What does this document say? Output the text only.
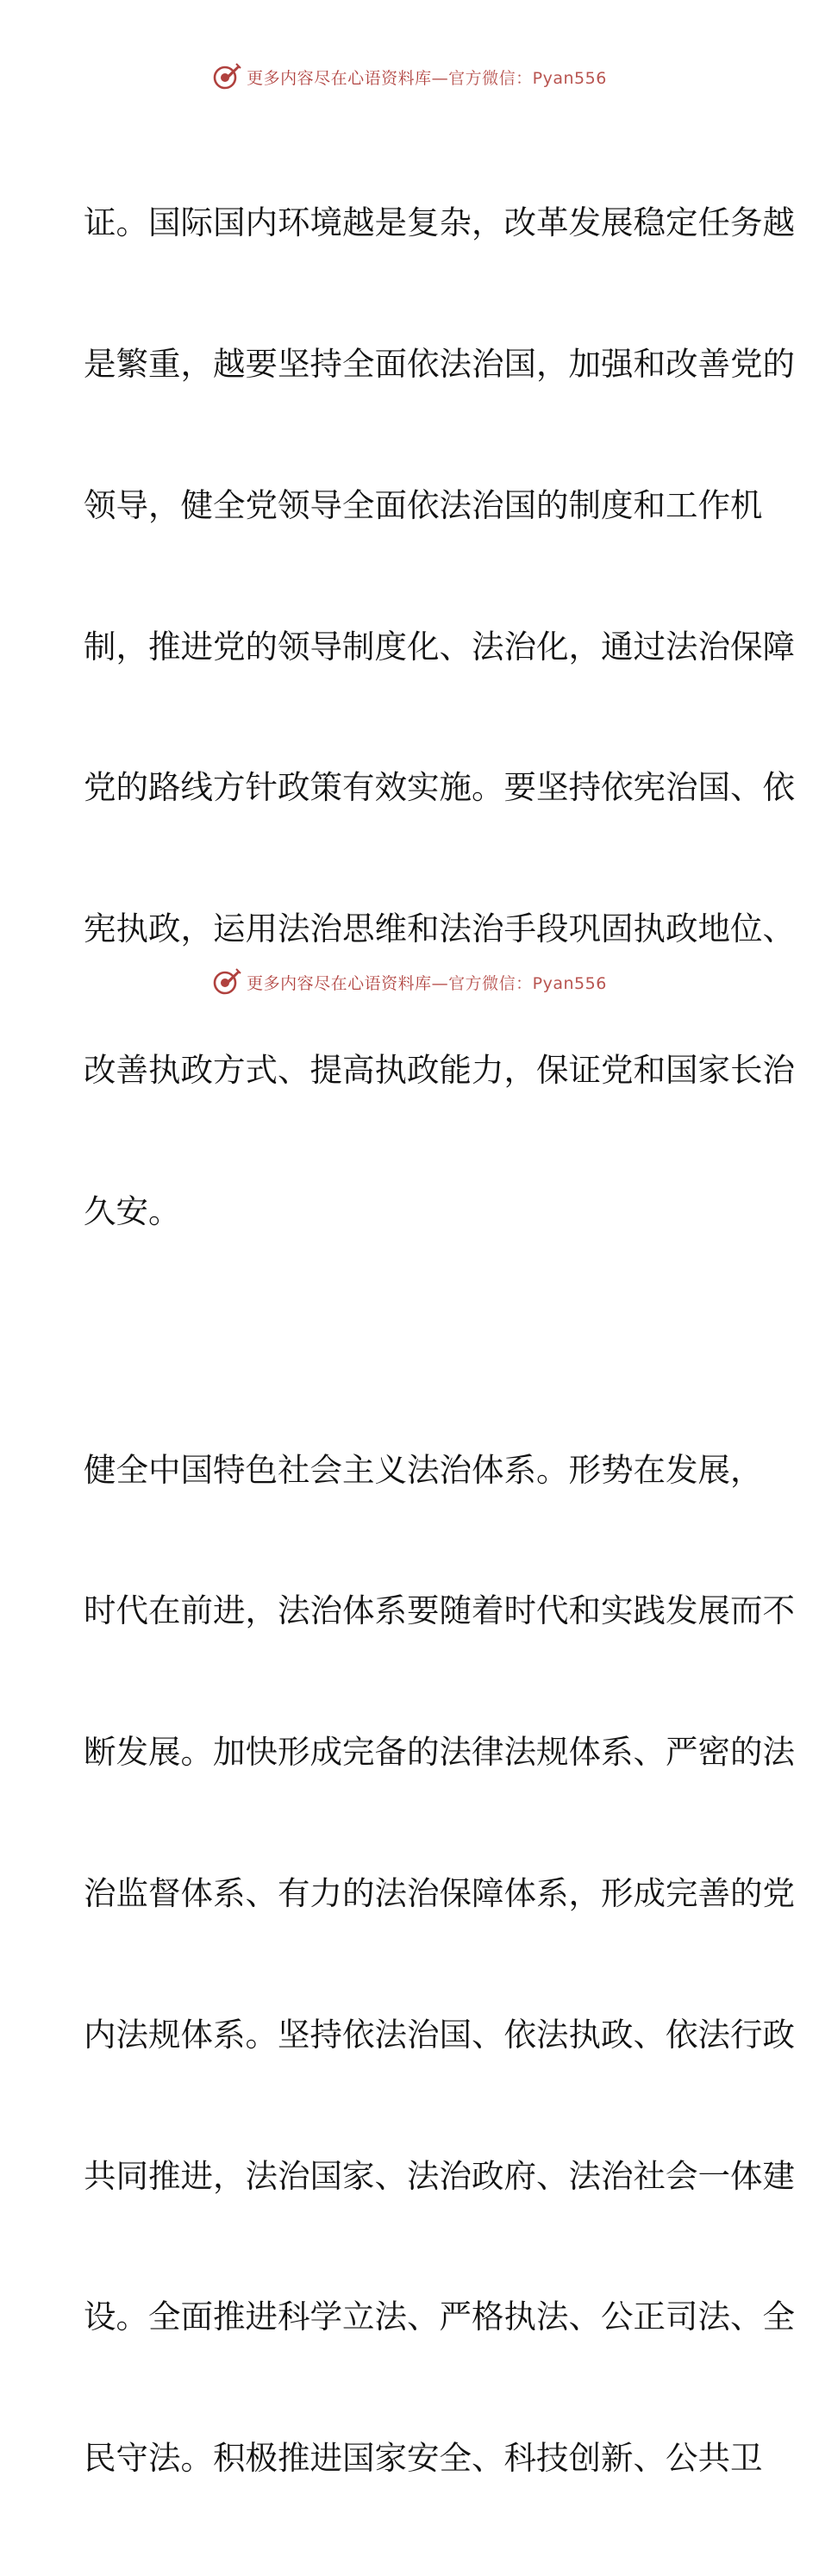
更多内容尽在心语资料库—官方微信：Pyan556

证。国际国内环境越是复杂，改革发展稳定任务越

是繁重，越要坚持全面依法治国，加强和改善党的

领导，健全党领导全面依法治国的制度和工作机

制，推进党的领导制度化、法治化，通过法治保障

党的路线方针政策有效实施。要坚持依宪治国、依

宪执政，运用法治思维和法治手段巩固执政地位、

改善执政方式、提高执政能力，保证党和国家长治

久安。

健全中国特色社会主义法治体系。形势在发展，

时代在前进，法治体系要随着时代和实践发展而不

断发展。加快形成完备的法律法规体系、严密的法

治监督体系、有力的法治保障体系，形成完善的党

内法规体系。坚持依法治国、依法执政、依法行政

共同推进，法治国家、法治政府、法治社会一体建

设。全面推进科学立法、严格执法、公正司法、全

民守法。积极推进国家安全、科技创新、公共卫

更多内容尽在心语资料库—官方微信：Pyan556
